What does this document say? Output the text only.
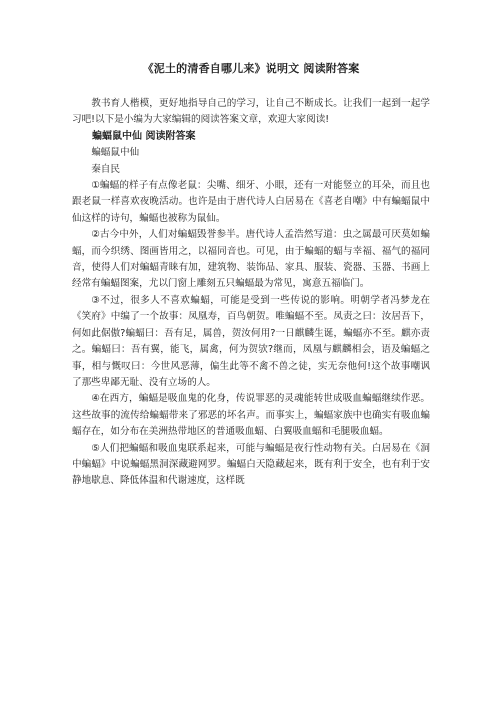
《泥土的清香自哪儿来》说明文 阅读附答案

教书育人楷模，更好地指导自己的学习，让自己不断成长。让我们一起到一起学习吧!以下是小编为大家编辑的阅读答案文章，欢迎大家阅读!

蝙蝠鼠中仙 阅读附答案

蝙蝠鼠中仙

秦自民

①蝙蝠的样子有点像老鼠：尖嘴、细牙、小眼，还有一对能竖立的耳朵，而且也跟老鼠一样喜欢夜晚活动。也许是由于唐代诗人白居易在《喜老自嘲》中有蝙蝠鼠中仙这样的诗句，蝙蝠也被称为鼠仙。

②古今中外，人们对蝙蝠毁誉参半。唐代诗人孟浩然写道：虫之属最可厌莫如蝙蝠，而今织绣、图画皆用之，以福同音也。可见，由于蝙蝠的蝠与幸福、福气的福同音，使得人们对蝙蝠青睐有加，建筑物、装饰品、家具、服装、瓷器、玉器、书画上经常有蝙蝠图案，尤以门窗上雕刻五只蝙蝠最为常见，寓意五福临门。

③不过，很多人不喜欢蝙蝠，可能是受到一些传说的影响。明朝学者冯梦龙在《笑府》中编了一个故事：凤凰寿，百鸟朝贺。唯蝙蝠不至。凤责之曰：汝居吾下，何如此倨傲?蝙蝠曰：吾有足，属兽，贺汝何用?一日麒麟生诞，蝙蝠亦不至。麒亦责之。蝙蝠曰：吾有翼，能飞，属禽，何为贺欤?继而，凤凰与麒麟相会，语及蝙蝠之事，相与慨叹曰：今世风恶薄，偏生此等不禽不兽之徒，实无奈他何!这个故事嘲讽了那些卑鄙无耻、没有立场的人。

④在西方，蝙蝠是吸血鬼的化身，传说罪恶的灵魂能转世成吸血蝙蝠继续作恶。这些故事的流传给蝙蝠带来了邪恶的坏名声。而事实上，蝙蝠家族中也确实有吸血蝙蝠存在，如分布在美洲热带地区的普通吸血蝠、白翼吸血蝠和毛腿吸血蝠。

⑤人们把蝙蝠和吸血鬼联系起来，可能与蝙蝠是夜行性动物有关。白居易在《洞中蝙蝠》中说蝙蝠黑洞深藏避网罗。蝙蝠白天隐藏起来，既有利于安全，也有利于安静地歇息、降低体温和代谢速度，这样既
